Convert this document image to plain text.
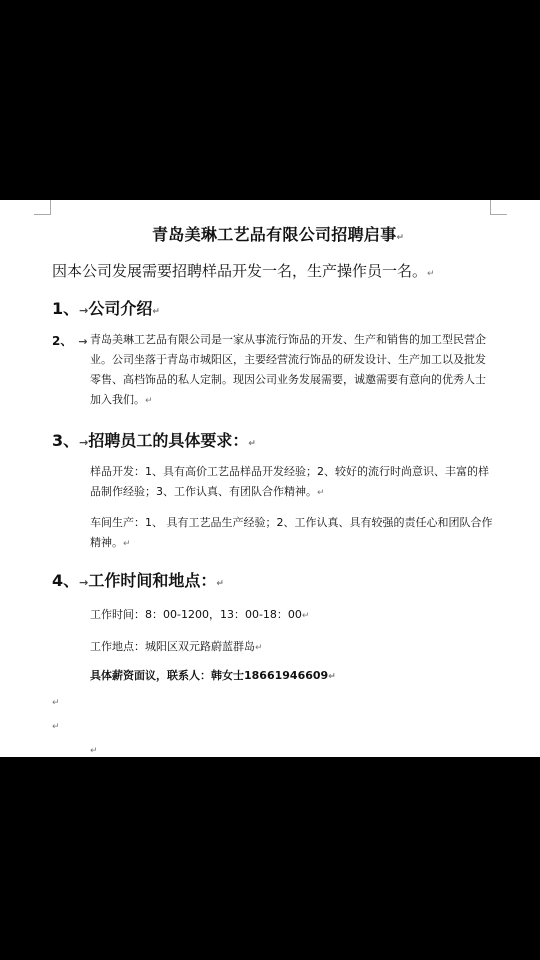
青岛美琳工艺品有限公司招聘启事↵
因本公司发展需要招聘样品开发一名，生产操作员一名。↵
1、→公司介绍↵
2、 → 青岛美琳工艺品有限公司是一家从事流行饰品的开发、生产和销售的加工型民营企业。公司坐落于青岛市城阳区，主要经营流行饰品的研发设计、生产加工以及批发零售、高档饰品的私人定制。现因公司业务发展需要，诚邀需要有意向的优秀人士加入我们。↵
3、→招聘员工的具体要求：↵
样品开发：1、具有高价工艺品样品开发经验；2、较好的流行时尚意识、丰富的样品制作经验；3、工作认真、有团队合作精神。↵
车间生产：1、 具有工艺品生产经验；2、工作认真、具有较强的责任心和团队合作精神。↵
4、→工作时间和地点：↵
工作时间：8：00-1200，13：00-18：00↵
工作地点：城阳区双元路蔚蓝群岛↵
具体薪资面议，联系人：韩女士18661946609↵
↵
↵
↵
